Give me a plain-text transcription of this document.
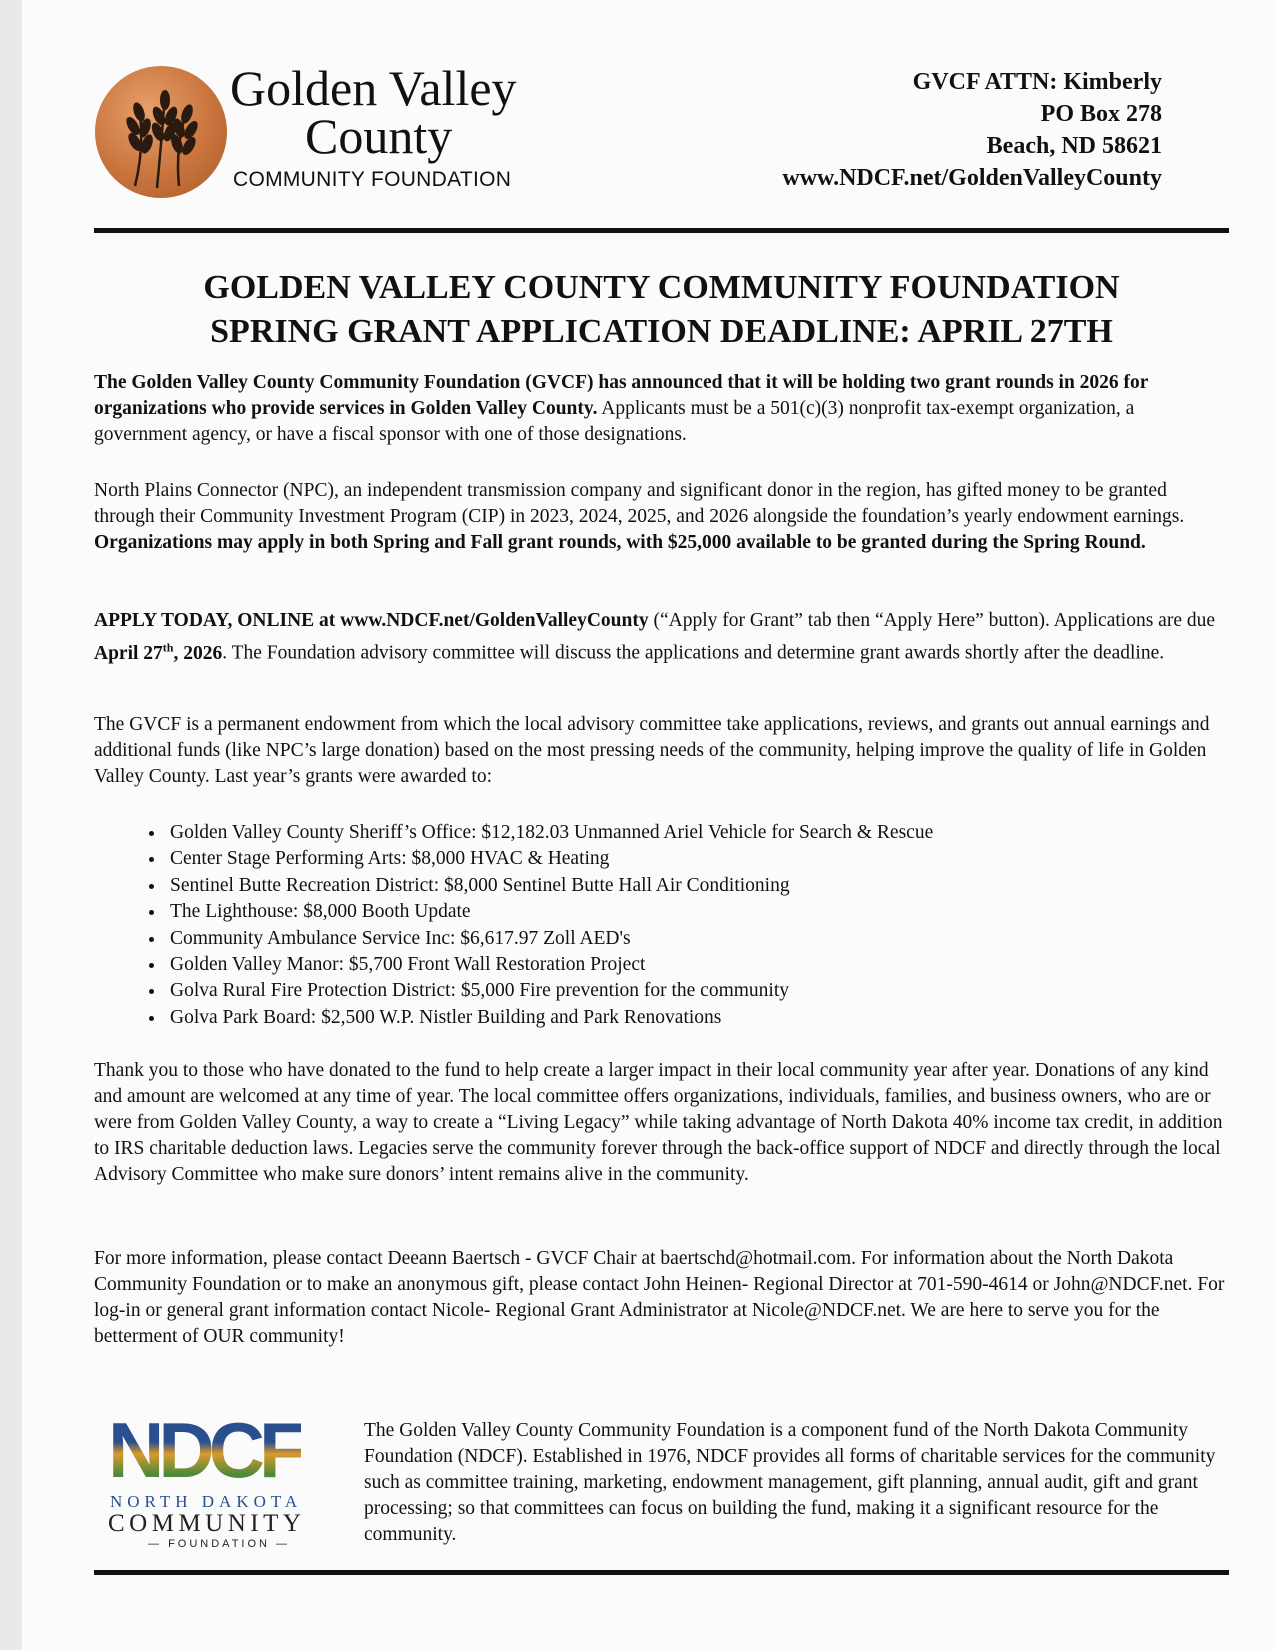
Golden Valley
County
COMMUNITY FOUNDATION
GVCF ATTN: Kimberly
PO Box 278
Beach, ND 58621
www.NDCF.net/GoldenValleyCounty
GOLDEN VALLEY COUNTY COMMUNITY FOUNDATION
SPRING GRANT APPLICATION DEADLINE: APRIL 27TH
The Golden Valley County Community Foundation (GVCF) has announced that it will be holding two grant rounds in 2026 for organizations who provide services in Golden Valley County. Applicants must be a 501(c)(3) nonprofit tax-exempt organization, a government agency, or have a fiscal sponsor with one of those designations.
North Plains Connector (NPC), an independent transmission company and significant donor in the region, has gifted money to be granted through their Community Investment Program (CIP) in 2023, 2024, 2025, and 2026 alongside the foundation’s yearly endowment earnings. Organizations may apply in both Spring and Fall grant rounds, with $25,000 available to be granted during the Spring Round.
APPLY TODAY, ONLINE at www.NDCF.net/GoldenValleyCounty (“Apply for Grant” tab then “Apply Here” button). Applications are due April 27th, 2026. The Foundation advisory committee will discuss the applications and determine grant awards shortly after the deadline.
The GVCF is a permanent endowment from which the local advisory committee take applications, reviews, and grants out annual earnings and additional funds (like NPC’s large donation) based on the most pressing needs of the community, helping improve the quality of life in Golden Valley County. Last year’s grants were awarded to:
• Golden Valley County Sheriff’s Office: $12,182.03 Unmanned Ariel Vehicle for Search & Rescue
• Center Stage Performing Arts: $8,000 HVAC & Heating
• Sentinel Butte Recreation District: $8,000 Sentinel Butte Hall Air Conditioning
• The Lighthouse: $8,000 Booth Update
• Community Ambulance Service Inc: $6,617.97 Zoll AED's
• Golden Valley Manor: $5,700 Front Wall Restoration Project
• Golva Rural Fire Protection District: $5,000 Fire prevention for the community
• Golva Park Board: $2,500 W.P. Nistler Building and Park Renovations
Thank you to those who have donated to the fund to help create a larger impact in their local community year after year. Donations of any kind and amount are welcomed at any time of year. The local committee offers organizations, individuals, families, and business owners, who are or were from Golden Valley County, a way to create a “Living Legacy” while taking advantage of North Dakota 40% income tax credit, in addition to IRS charitable deduction laws. Legacies serve the community forever through the back-office support of NDCF and directly through the local Advisory Committee who make sure donors’ intent remains alive in the community.
For more information, please contact Deeann Baertsch - GVCF Chair at baertschd@hotmail.com. For information about the North Dakota Community Foundation or to make an anonymous gift, please contact John Heinen- Regional Director at 701-590-4614 or John@NDCF.net. For log-in or general grant information contact Nicole- Regional Grant Administrator at Nicole@NDCF.net. We are here to serve you for the betterment of OUR community!
NDCF
NORTH DAKOTA
COMMUNITY
— FOUNDATION —
The Golden Valley County Community Foundation is a component fund of the North Dakota Community Foundation (NDCF). Established in 1976, NDCF provides all forms of charitable services for the community such as committee training, marketing, endowment management, gift planning, annual audit, gift and grant processing; so that committees can focus on building the fund, making it a significant resource for the community.
